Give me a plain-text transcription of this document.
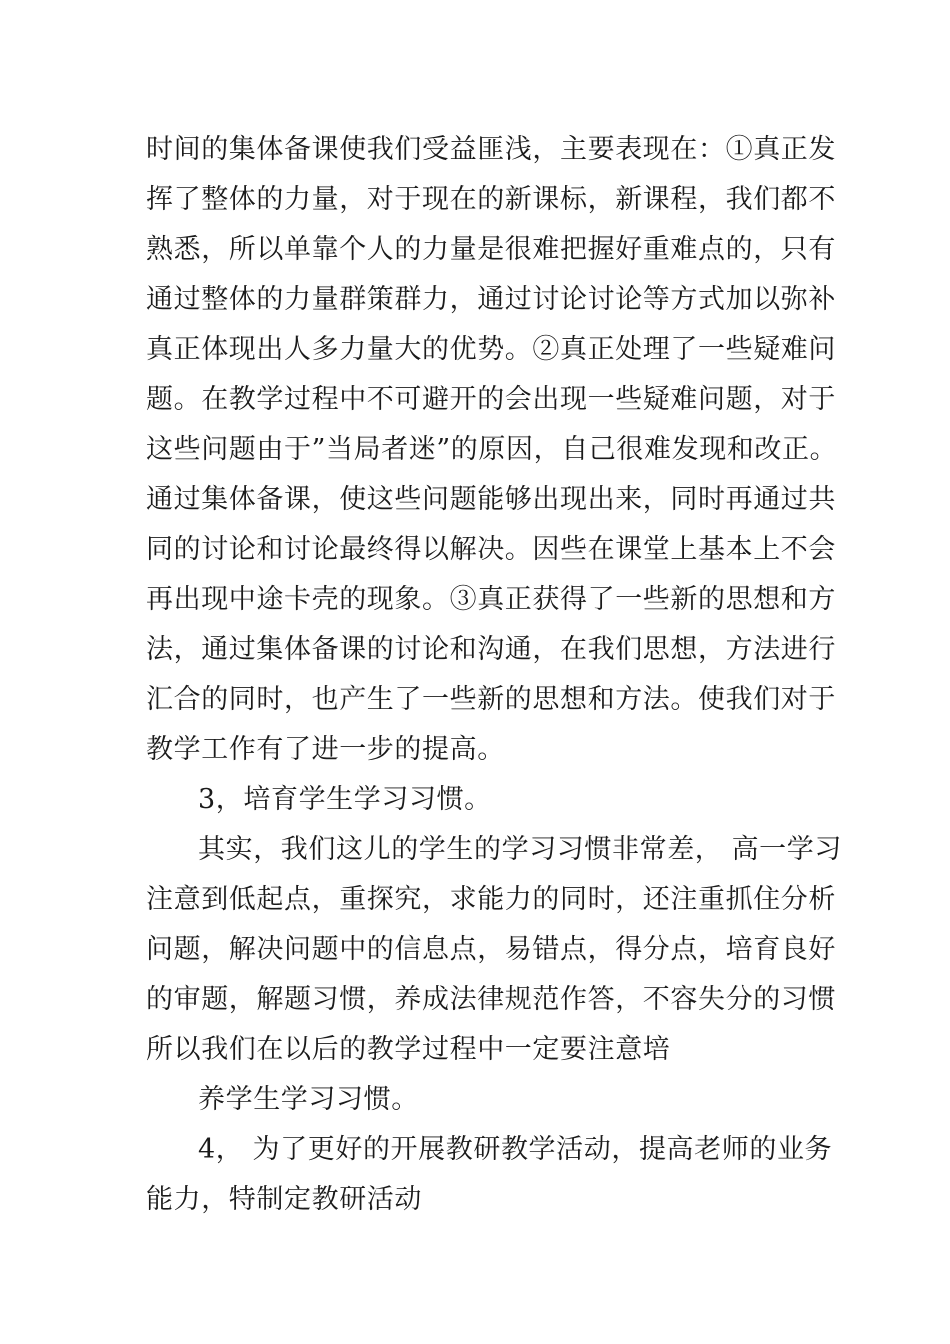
时间的集体备课使我们受益匪浅，主要表现在：①真正发
挥了整体的力量，对于现在的新课标，新课程，我们都不
熟悉，所以单靠个人的力量是很难把握好重难点的，只有
通过整体的力量群策群力，通过讨论讨论等方式加以弥补
真正体现出人多力量大的优势。②真正处理了一些疑难问
题。在教学过程中不可避开的会出现一些疑难问题，对于
这些问题由于”当局者迷”的原因，自己很难发现和改正。
通过集体备课，使这些问题能够出现出来，同时再通过共
同的讨论和讨论最终得以解决。因些在课堂上基本上不会
再出现中途卡壳的现象。③真正获得了一些新的思想和方
法，通过集体备课的讨论和沟通，在我们思想，方法进行
汇合的同时，也产生了一些新的思想和方法。使我们对于
教学工作有了进一步的提高。
3，培育学生学习习惯。
其实，我们这儿的学生的学习习惯非常差， 高一学习
注意到低起点，重探究，求能力的同时，还注重抓住分析
问题，解决问题中的信息点，易错点，得分点，培育良好
的审题，解题习惯，养成法律规范作答，不容失分的习惯
所以我们在以后的教学过程中一定要注意培
养学生学习习惯。
4， 为了更好的开展教研教学活动，提高老师的业务
能力，特制定教研活动
